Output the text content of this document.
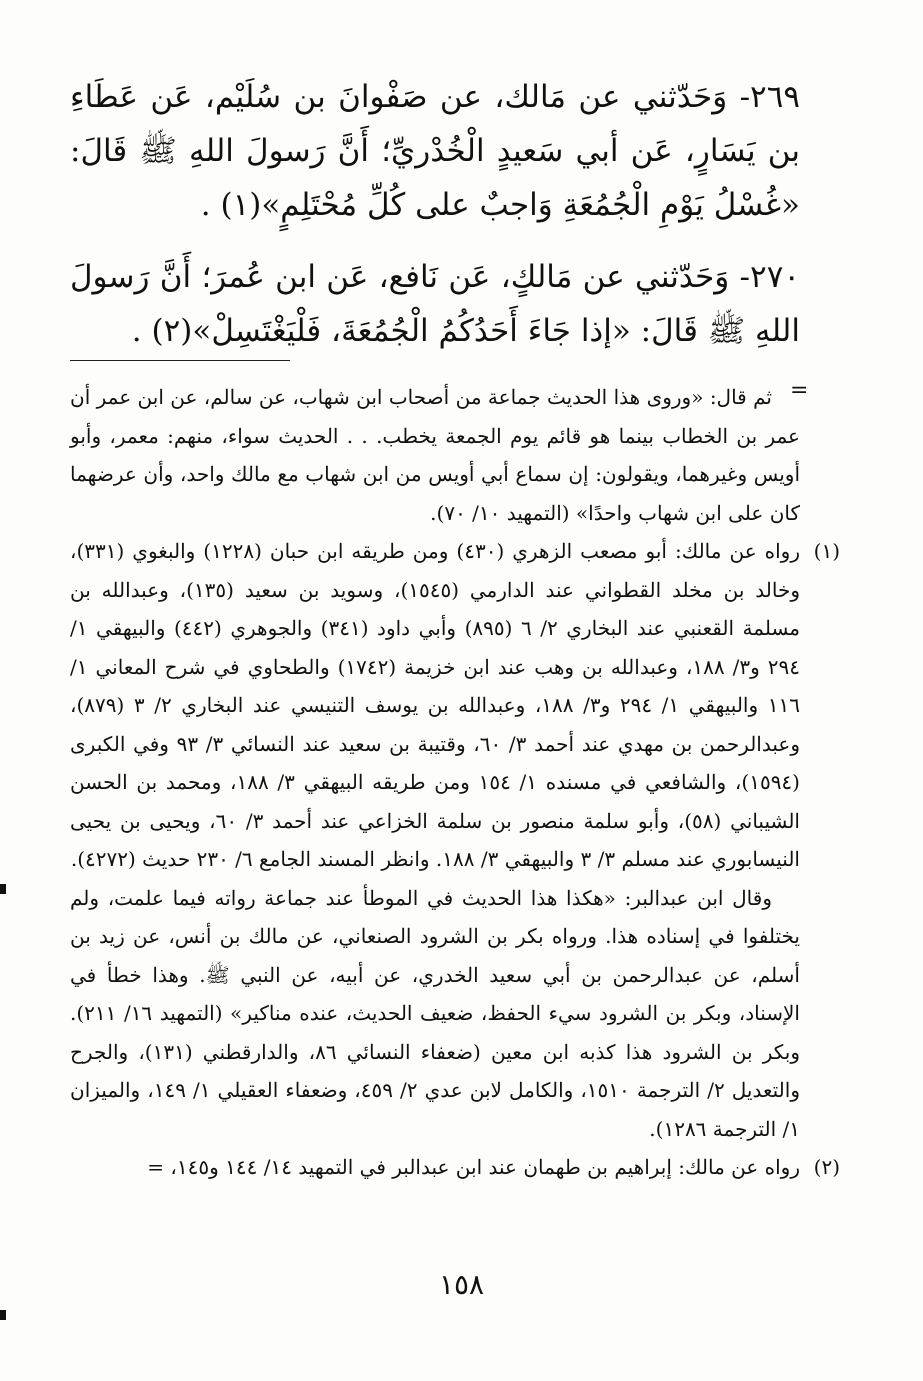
٢٦٩- وَحَدّثني عن مَالك، عن صَفْوانَ بن سُلَيْم، عَن عَطَاءِ بن يَسَارٍ، عَن أبي سَعيدٍ الْخُدْريِّ؛ أَنَّ رَسولَ اللهِ ﷺ قَالَ: «غُسْلُ يَوْمِ الْجُمُعَةِ وَاجبٌ على كُلِّ مُحْتَلِمٍ»(١) .

٢٧٠- وَحَدّثني عن مَالكٍ، عَن نَافع، عَن ابن عُمرَ؛ أَنَّ رَسولَ اللهِ ﷺ قَالَ: «إذا جَاءَ أَحَدُكُمُ الْجُمُعَةَ، فَلْيَغْتَسِلْ»(٢) .

=

ثم قال: «وروى هذا الحديث جماعة من أصحاب ابن شهاب، عن سالم، عن ابن عمر أن عمر بن الخطاب بينما هو قائم يوم الجمعة يخطب. . . الحديث سواء، منهم: معمر، وأبو أويس وغيرهما، ويقولون: إن سماع أبي أويس من ابن شهاب مع مالك واحد، وأن عرضهما كان على ابن شهاب واحدًا» (التمهيد ١٠/ ٧٠).

(١)
رواه عن مالك: أبو مصعب الزهري (٤٣٠) ومن طريقه ابن حبان (١٢٢٨) والبغوي (٣٣١)، وخالد بن مخلد القطواني عند الدارمي (١٥٤٥)، وسويد بن سعيد (١٣٥)، وعبدالله بن مسلمة القعنبي عند البخاري ٢/ ٦ (٨٩٥) وأبي داود (٣٤١) والجوهري (٤٤٢) والبيهقي ١/ ٢٩٤ و٣/ ١٨٨، وعبدالله بن وهب عند ابن خزيمة (١٧٤٢) والطحاوي في شرح المعاني ١/ ١١٦ والبيهقي ١/ ٢٩٤ و٣/ ١٨٨، وعبدالله بن يوسف التنيسي عند البخاري ٢/ ٣ (٨٧٩)، وعبدالرحمن بن مهدي عند أحمد ٣/ ٦٠، وقتيبة بن سعيد عند النسائي ٣/ ٩٣ وفي الكبرى (١٥٩٤)، والشافعي في مسنده ١/ ١٥٤ ومن طريقه البيهقي ٣/ ١٨٨، ومحمد بن الحسن الشيباني (٥٨)، وأبو سلمة منصور بن سلمة الخزاعي عند أحمد ٣/ ٦٠، ويحيى بن يحيى النيسابوري عند مسلم ٣/ ٣ والبيهقي ٣/ ١٨٨. وانظر المسند الجامع ٦/ ٢٣٠ حديث (٤٢٧٢).

وقال ابن عبدالبر: «هكذا هذا الحديث في الموطأ عند جماعة رواته فيما علمت، ولم يختلفوا في إسناده هذا. ورواه بكر بن الشرود الصنعاني، عن مالك بن أنس، عن زيد بن أسلم، عن عبدالرحمن بن أبي سعيد الخدري، عن أبيه، عن النبي ﷺ. وهذا خطأ في الإسناد، وبكر بن الشرود سيء الحفظ، ضعيف الحديث، عنده مناكير» (التمهيد ١٦/ ٢١١). وبكر بن الشرود هذا كذبه ابن معين (ضعفاء النسائي ٨٦، والدارقطني (١٣١)، والجرح والتعديل ٢/ الترجمة ١٥١٠، والكامل لابن عدي ٢/ ٤٥٩، وضعفاء العقيلي ١/ ١٤٩، والميزان ١/ الترجمة ١٢٨٦).

(٢)
رواه عن مالك: إبراهيم بن طهمان عند ابن عبدالبر في التمهيد ١٤/ ١٤٤ و١٤٥، =

١٥٨
